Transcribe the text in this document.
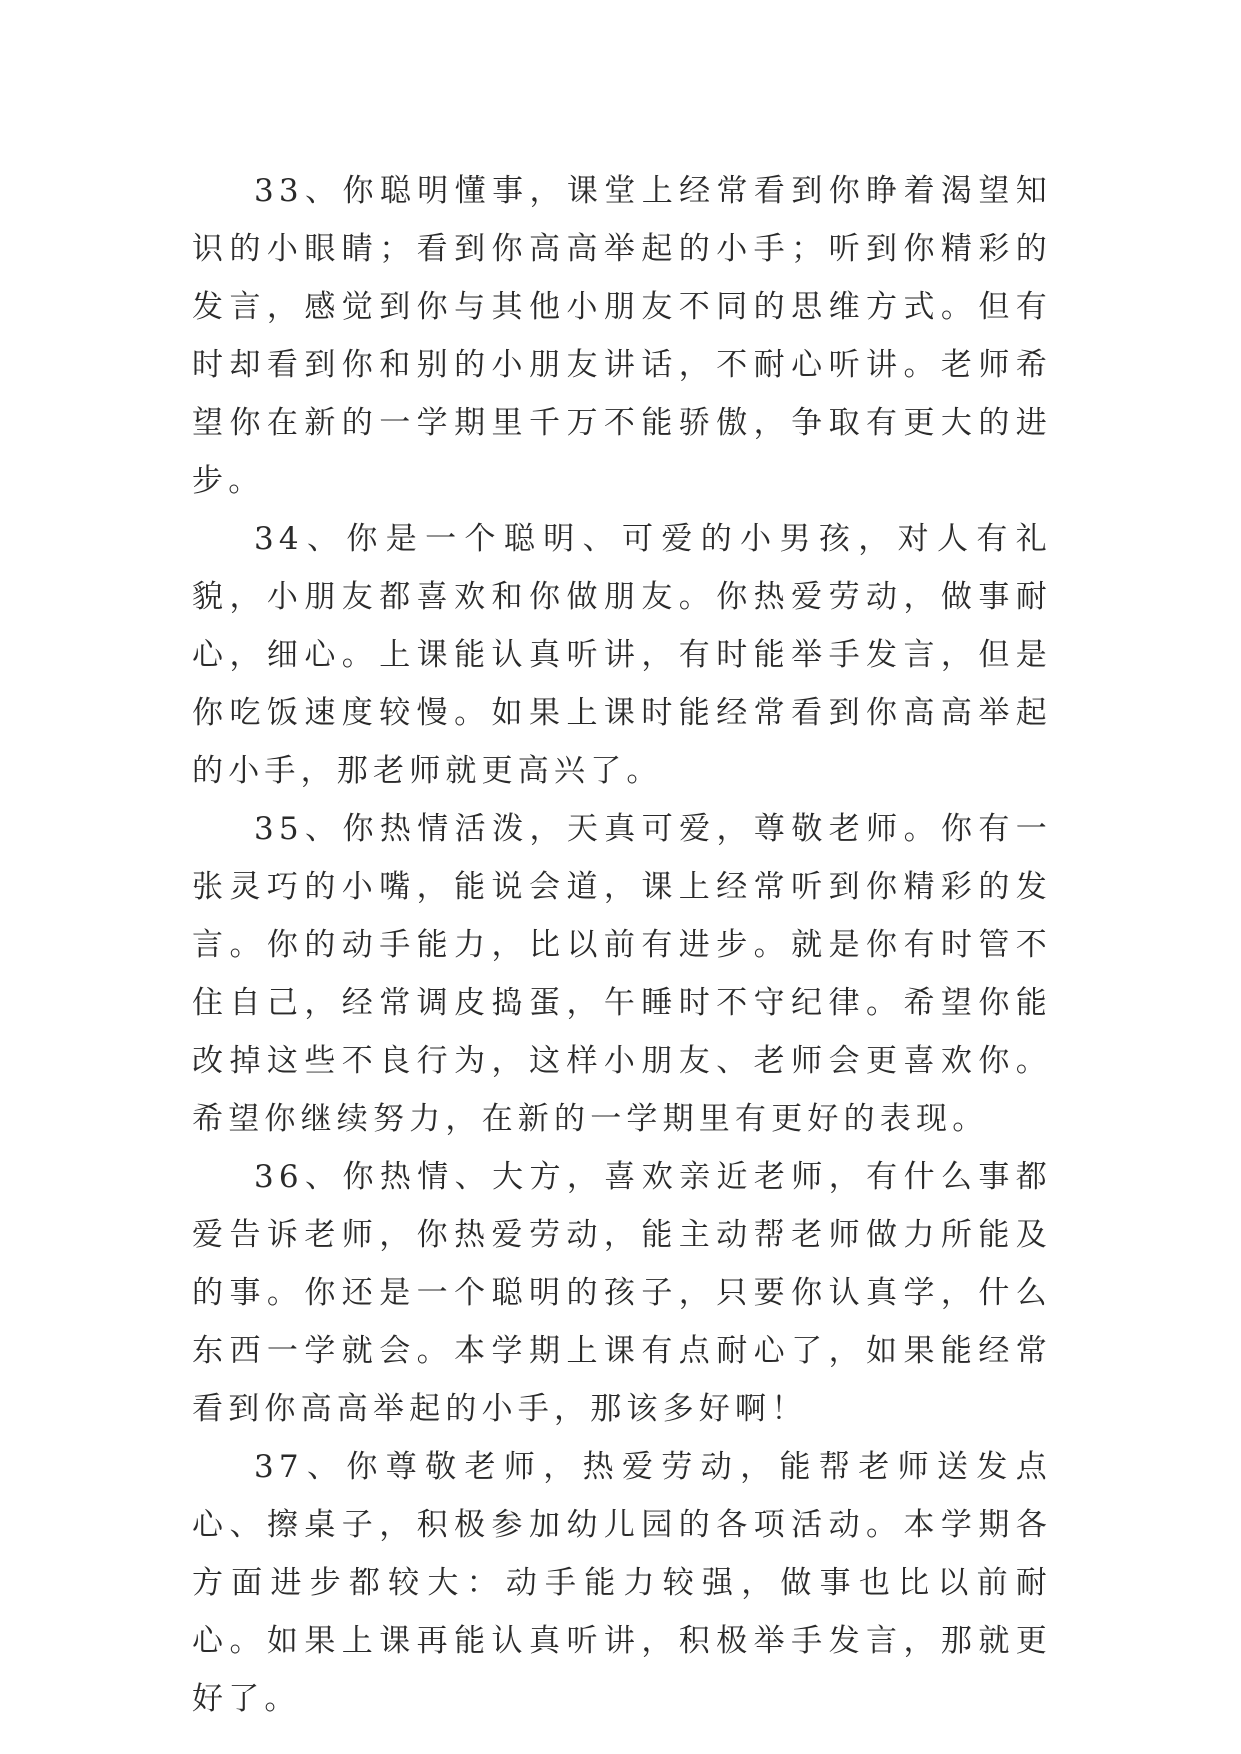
33、你聪明懂事，课堂上经常看到你睁着渴望知识的小眼睛；看到你高高举起的小手；听到你精彩的发言，感觉到你与其他小朋友不同的思维方式。但有时却看到你和别的小朋友讲话，不耐心听讲。老师希望你在新的一学期里千万不能骄傲，争取有更大的进步。

34、你是一个聪明、可爱的小男孩，对人有礼貌，小朋友都喜欢和你做朋友。你热爱劳动，做事耐心，细心。上课能认真听讲，有时能举手发言，但是你吃饭速度较慢。如果上课时能经常看到你高高举起的小手，那老师就更高兴了。

35、你热情活泼，天真可爱，尊敬老师。你有一张灵巧的小嘴，能说会道，课上经常听到你精彩的发言。你的动手能力，比以前有进步。就是你有时管不住自己，经常调皮捣蛋，午睡时不守纪律。希望你能改掉这些不良行为，这样小朋友、老师会更喜欢你。希望你继续努力，在新的一学期里有更好的表现。

36、你热情、大方，喜欢亲近老师，有什么事都爱告诉老师，你热爱劳动，能主动帮老师做力所能及的事。你还是一个聪明的孩子，只要你认真学，什么东西一学就会。本学期上课有点耐心了，如果能经常看到你高高举起的小手，那该多好啊！

37、你尊敬老师，热爱劳动，能帮老师送发点心、擦桌子，积极参加幼儿园的各项活动。本学期各方面进步都较大：动手能力较强，做事也比以前耐心。如果上课再能认真听讲，积极举手发言，那就更好了。
